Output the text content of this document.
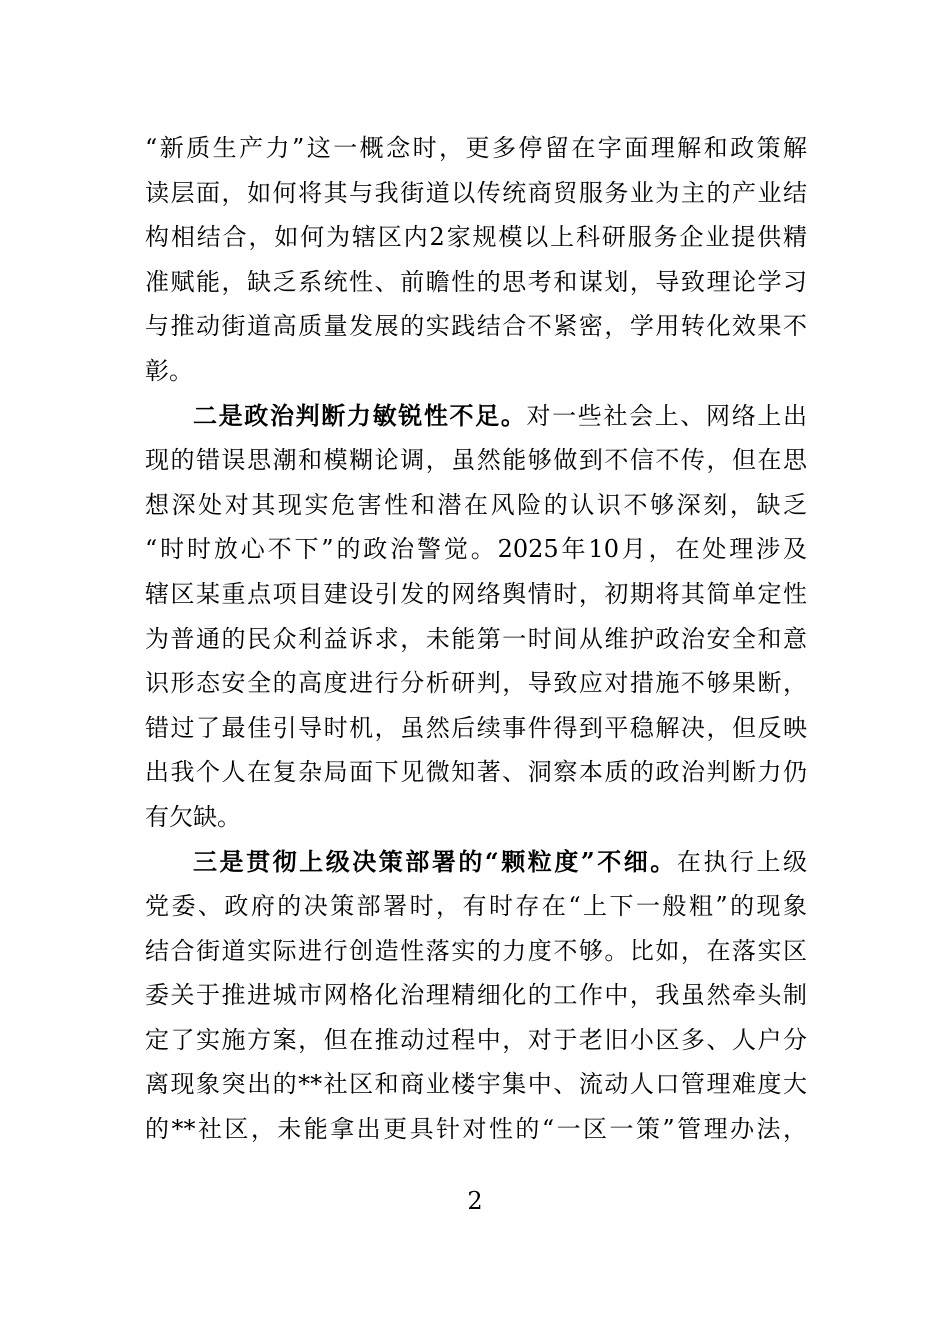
“新质生产力”这一概念时，更多停留在字面理解和政策解
读层面，如何将其与我街道以传统商贸服务业为主的产业结
构相结合，如何为辖区内2家规模以上科研服务企业提供精
准赋能，缺乏系统性、前瞻性的思考和谋划，导致理论学习
与推动街道高质量发展的实践结合不紧密，学用转化效果不
彰。
二是政治判断力敏锐性不足。对一些社会上、网络上出
现的错误思潮和模糊论调，虽然能够做到不信不传，但在思
想深处对其现实危害性和潜在风险的认识不够深刻，缺乏
“时时放心不下”的政治警觉。2025年10月，在处理涉及
辖区某重点项目建设引发的网络舆情时，初期将其简单定性
为普通的民众利益诉求，未能第一时间从维护政治安全和意
识形态安全的高度进行分析研判，导致应对措施不够果断，
错过了最佳引导时机，虽然后续事件得到平稳解决，但反映
出我个人在复杂局面下见微知著、洞察本质的政治判断力仍
有欠缺。
三是贯彻上级决策部署的“颗粒度”不细。在执行上级
党委、政府的决策部署时，有时存在“上下一般粗”的现象
结合街道实际进行创造性落实的力度不够。比如，在落实区
委关于推进城市网格化治理精细化的工作中，我虽然牵头制
定了实施方案，但在推动过程中，对于老旧小区多、人户分
离现象突出的**社区和商业楼宇集中、流动人口管理难度大
的**社区，未能拿出更具针对性的“一区一策”管理办法，
2
